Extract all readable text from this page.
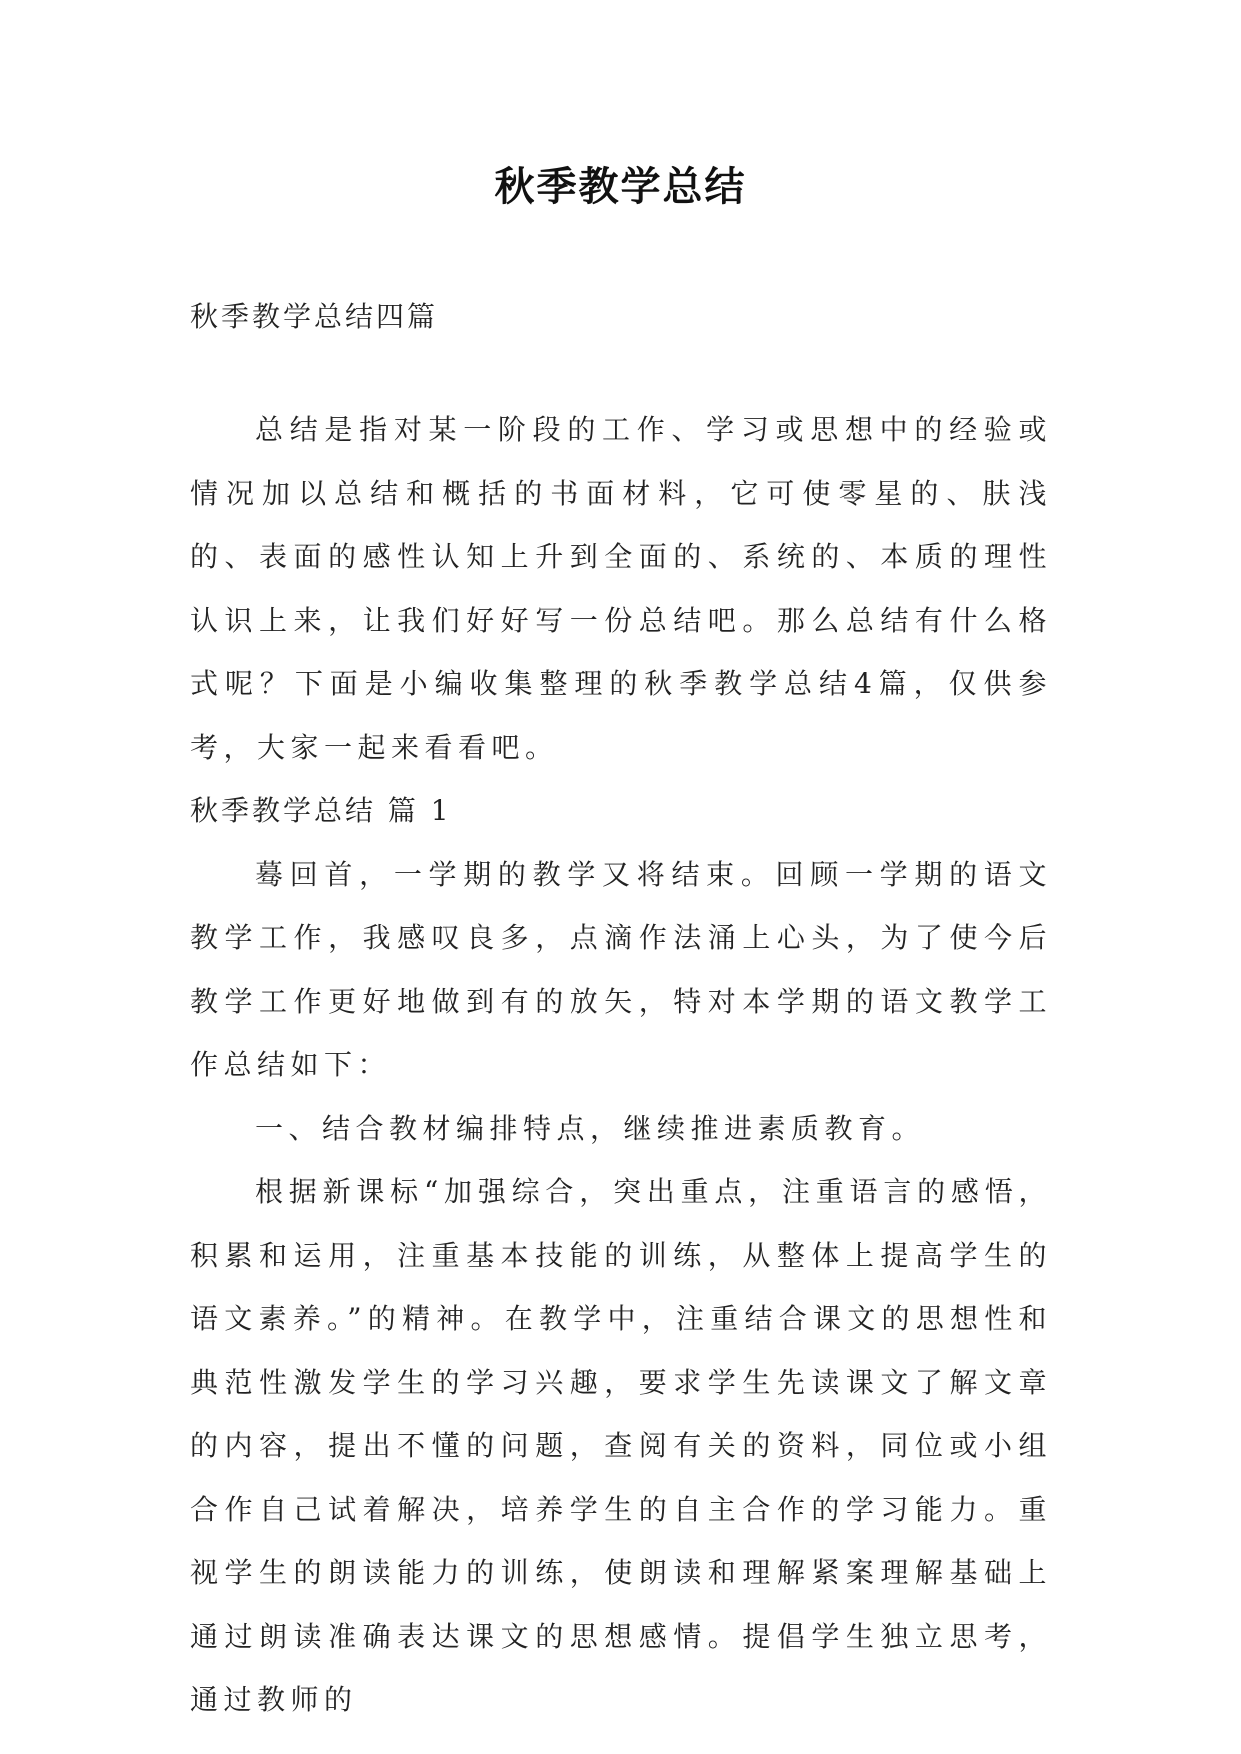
秋季教学总结
秋季教学总结四篇

总结是指对某一阶段的工作、学习或思想中的经验或情况加以总结和概括的书面材料，它可使零星的、肤浅的、表面的感性认知上升到全面的、系统的、本质的理性认识上来，让我们好好写一份总结吧。那么总结有什么格式呢？下面是小编收集整理的秋季教学总结4篇，仅供参考，大家一起来看看吧。

秋季教学总结 篇 1

蓦回首，一学期的教学又将结束。回顾一学期的语文教学工作，我感叹良多，点滴作法涌上心头，为了使今后教学工作更好地做到有的放矢，特对本学期的语文教学工作总结如下：

一、结合教材编排特点，继续推进素质教育。

根据新课标“加强综合，突出重点，注重语言的感悟，积累和运用，注重基本技能的训练，从整体上提高学生的语文素养。”的精神。在教学中，注重结合课文的思想性和典范性激发学生的学习兴趣，要求学生先读课文了解文章的内容，提出不懂的问题，查阅有关的资料，同位或小组合作自己试着解决，培养学生的自主合作的学习能力。重视学生的朗读能力的训练，使朗读和理解紧案理解基础上 通过朗读准确表达课文的思想感情。提倡学生独立思考，通过教师的
